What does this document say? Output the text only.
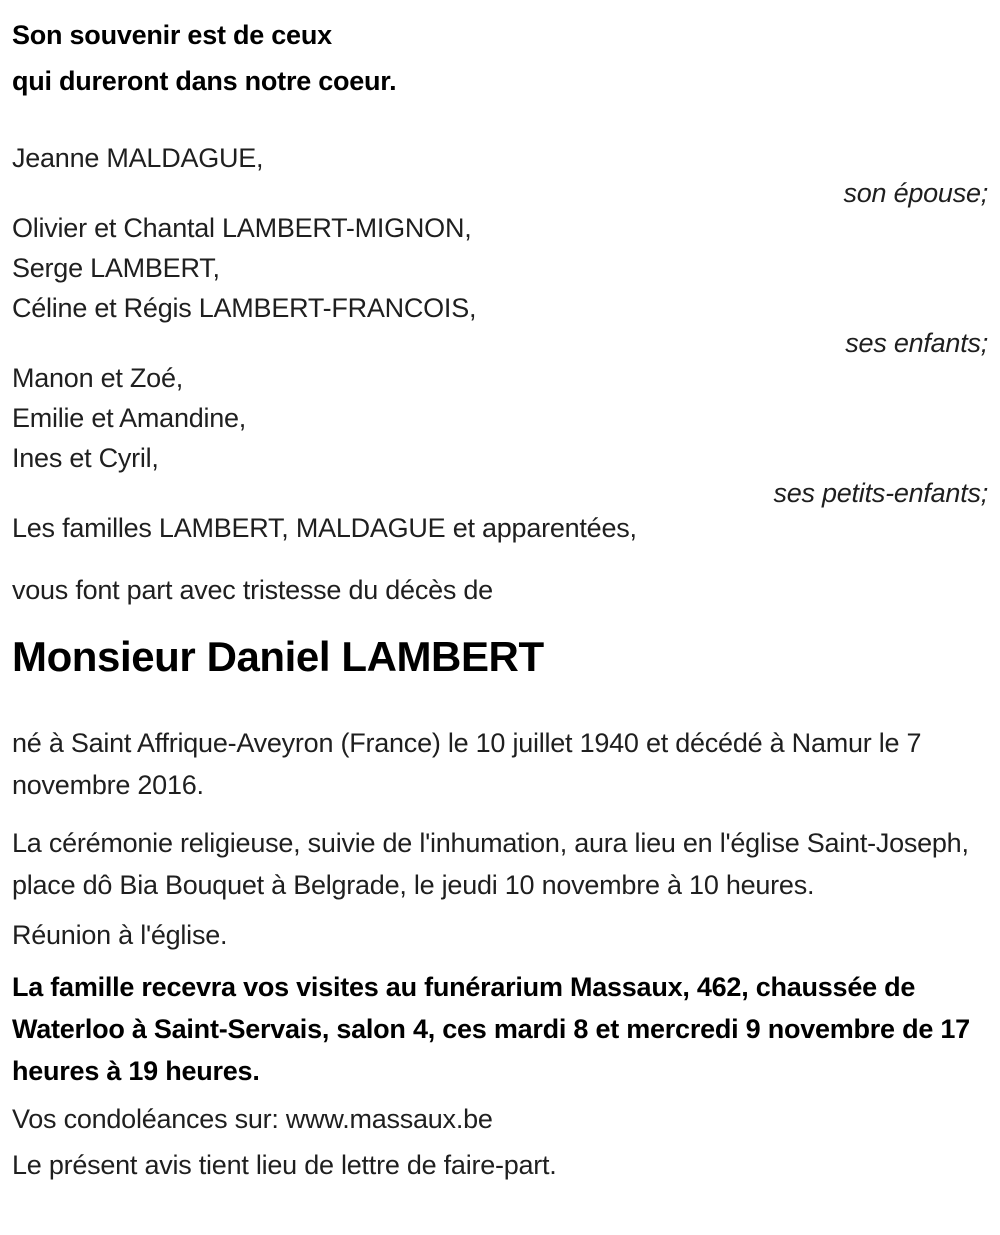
Son souvenir est de ceux

qui dureront dans notre coeur.

Jeanne MALDAGUE,

son épouse;

Olivier et Chantal LAMBERT-MIGNON,

Serge LAMBERT,

Céline et Régis LAMBERT-FRANCOIS,

ses enfants;

Manon et Zoé,

Emilie et Amandine,

Ines et Cyril,

ses petits-enfants;

Les familles LAMBERT, MALDAGUE et apparentées,

vous font part avec tristesse du décès de

Monsieur Daniel LAMBERT

né à Saint Affrique-Aveyron (France) le 10 juillet 1940 et décédé à Namur le 7 novembre 2016.

La cérémonie religieuse, suivie de l'inhumation, aura lieu en l'église Saint-Joseph, place dô Bia Bouquet à Belgrade, le jeudi 10 novembre à 10 heures.

Réunion à l'église.

La famille recevra vos visites au funérarium Massaux, 462, chaussée de Waterloo à Saint-Servais, salon 4, ces mardi 8 et mercredi 9 novembre de 17 heures à 19 heures.

Vos condoléances sur: www.massaux.be

Le présent avis tient lieu de lettre de faire-part.
